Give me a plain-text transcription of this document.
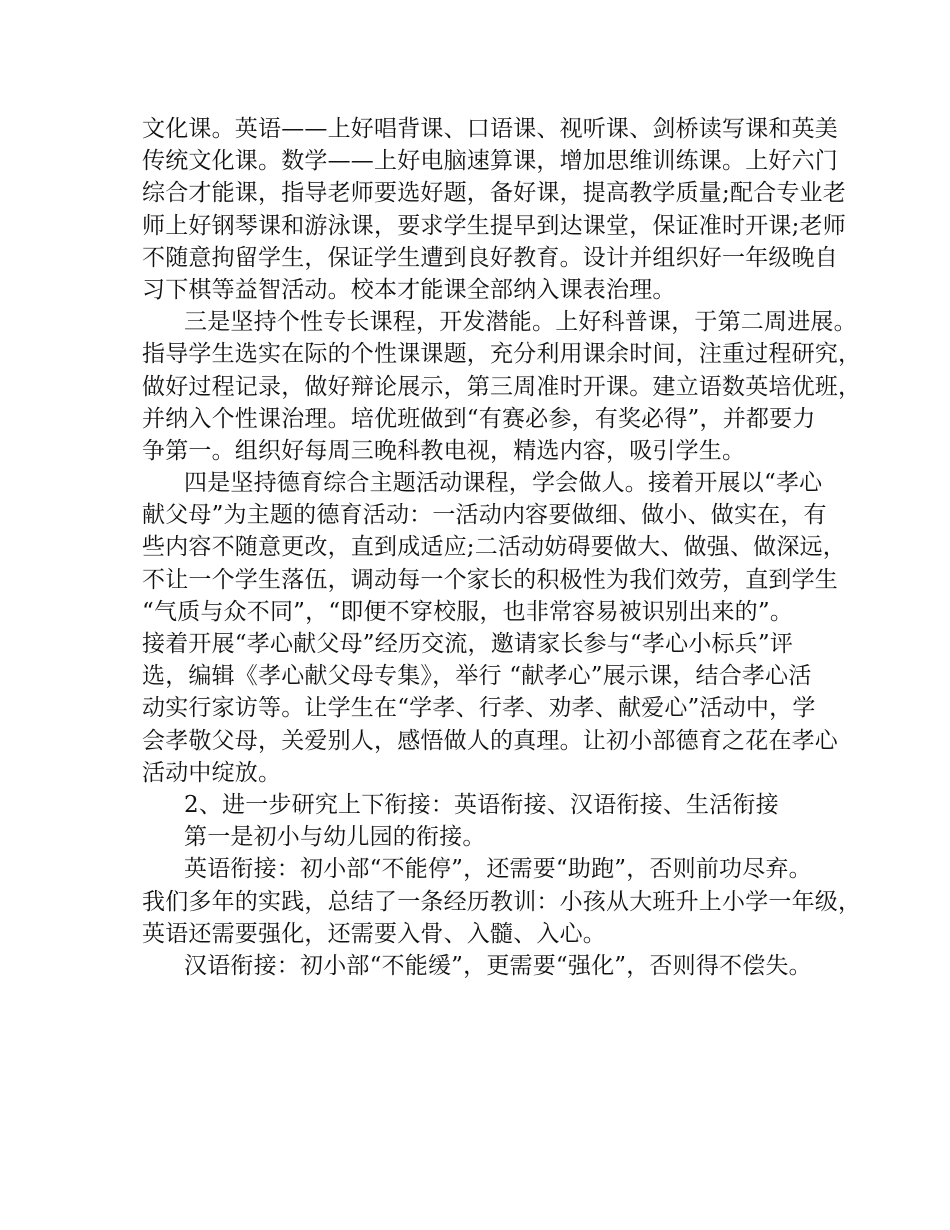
文化课。英语——上好唱背课、口语课、视听课、剑桥读写课和英美
传统文化课。数学——上好电脑速算课，增加思维训练课。上好六门
综合才能课，指导老师要选好题，备好课，提高教学质量;配合专业老
师上好钢琴课和游泳课，要求学生提早到达课堂，保证准时开课;老师
不随意拘留学生，保证学生遭到良好教育。设计并组织好一年级晚自
习下棋等益智活动。校本才能课全部纳入课表治理。
三是坚持个性专长课程，开发潜能。上好科普课，于第二周进展。
指导学生选实在际的个性课课题，充分利用课余时间，注重过程研究，
做好过程记录，做好辩论展示，第三周准时开课。建立语数英培优班，
并纳入个性课治理。培优班做到“有赛必参，有奖必得”，并都要力
争第一。组织好每周三晚科教电视，精选内容，吸引学生。
四是坚持德育综合主题活动课程，学会做人。接着开展以“孝心
献父母”为主题的德育活动：一活动内容要做细、做小、做实在，有
些内容不随意更改，直到成适应;二活动妨碍要做大、做强、做深远，
不让一个学生落伍，调动每一个家长的积极性为我们效劳，直到学生
“气质与众不同”，“即便不穿校服，也非常容易被识别出来的”。
接着开展“孝心献父母”经历交流，邀请家长参与“孝心小标兵”评
选，编辑《孝心献父母专集》，举行 “献孝心”展示课，结合孝心活
动实行家访等。让学生在“学孝、行孝、劝孝、献爱心”活动中，学
会孝敬父母，关爱别人，感悟做人的真理。让初小部德育之花在孝心
活动中绽放。
2、进一步研究上下衔接：英语衔接、汉语衔接、生活衔接
第一是初小与幼儿园的衔接。
英语衔接：初小部“不能停”，还需要“助跑”，否则前功尽弃。
我们多年的实践，总结了一条经历教训：小孩从大班升上小学一年级，
英语还需要强化，还需要入骨、入髓、入心。
汉语衔接：初小部“不能缓”，更需要“强化”，否则得不偿失。
